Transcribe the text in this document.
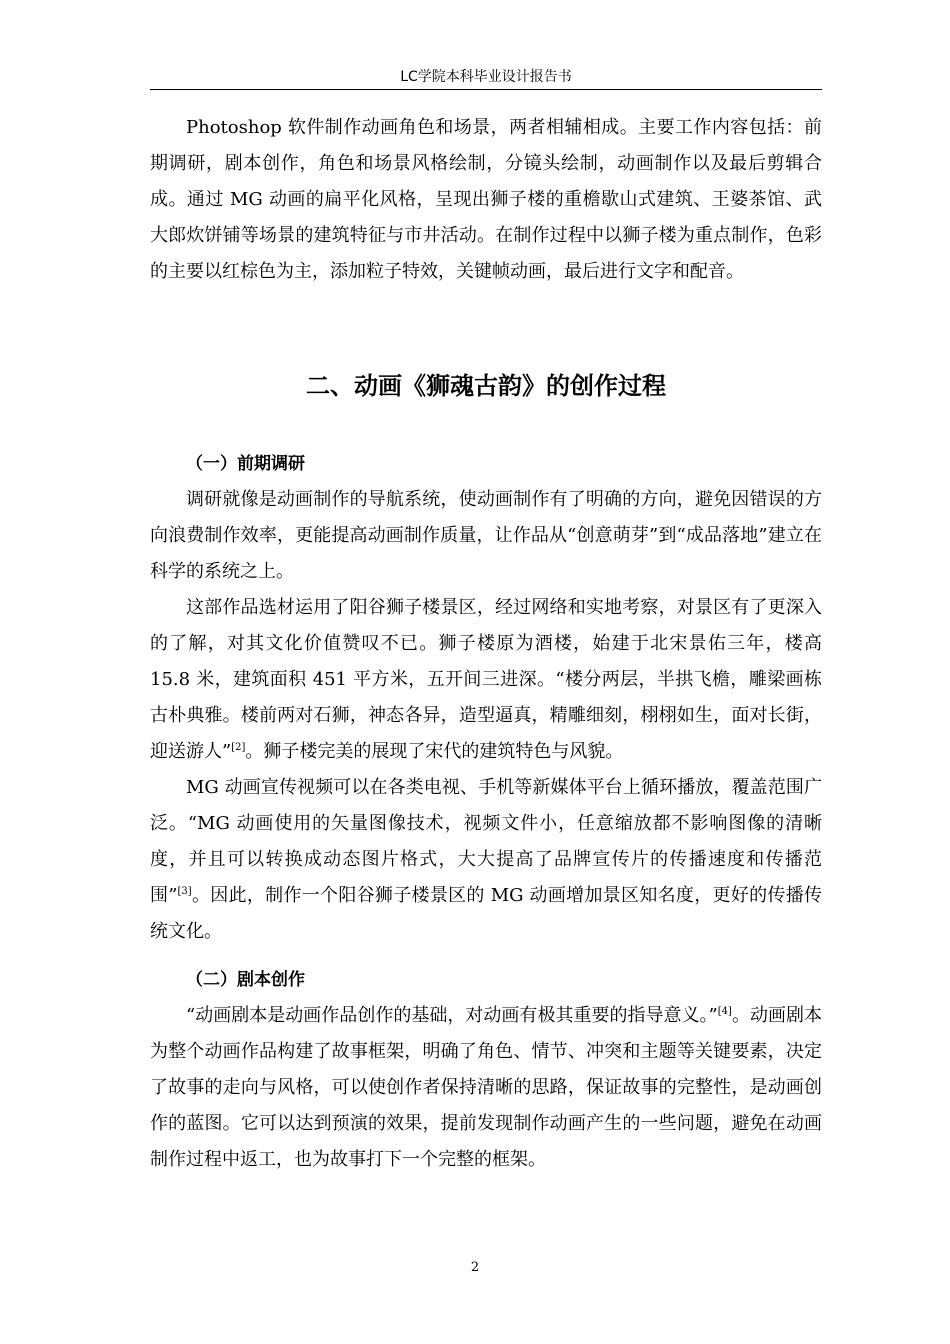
LC学院本科毕业设计报告书

Photoshop 软件制作动画角色和场景，两者相辅相成。主要工作内容包括：前期调研，剧本创作，角色和场景风格绘制，分镜头绘制，动画制作以及最后剪辑合成。通过 MG 动画的扁平化风格，呈现出狮子楼的重檐歇山式建筑、王婆茶馆、武大郎炊饼铺等场景的建筑特征与市井活动。在制作过程中以狮子楼为重点制作，色彩的主要以红棕色为主，添加粒子特效，关键帧动画，最后进行文字和配音。

二、动画《狮魂古韵》的创作过程
（一）前期调研

调研就像是动画制作的导航系统，使动画制作有了明确的方向，避免因错误的方向浪费制作效率，更能提高动画制作质量，让作品从“创意萌芽”到“成品落地”建立在科学的系统之上。

这部作品选材运用了阳谷狮子楼景区，经过网络和实地考察，对景区有了更深入的了解，对其文化价值赞叹不已。狮子楼原为酒楼，始建于北宋景佑三年，楼高 15.8 米，建筑面积 451 平方米，五开间三进深。“楼分两层，半拱飞檐，雕梁画栋古朴典雅。楼前两对石狮，神态各异，造型逼真，精雕细刻，栩栩如生，面对长街，迎送游人”[2]。狮子楼完美的展现了宋代的建筑特色与风貌。

MG 动画宣传视频可以在各类电视、手机等新媒体平台上循环播放，覆盖范围广泛。“MG 动画使用的矢量图像技术，视频文件小，任意缩放都不影响图像的清晰度，并且可以转换成动态图片格式，大大提高了品牌宣传片的传播速度和传播范围”[3]。因此，制作一个阳谷狮子楼景区的 MG 动画增加景区知名度，更好的传播传统文化。

（二）剧本创作

“动画剧本是动画作品创作的基础，对动画有极其重要的指导意义。”[4]。动画剧本为整个动画作品构建了故事框架，明确了角色、情节、冲突和主题等关键要素，决定了故事的走向与风格，可以使创作者保持清晰的思路，保证故事的完整性，是动画创作的蓝图。它可以达到预演的效果，提前发现制作动画产生的一些问题，避免在动画制作过程中返工，也为故事打下一个完整的框架。

2
